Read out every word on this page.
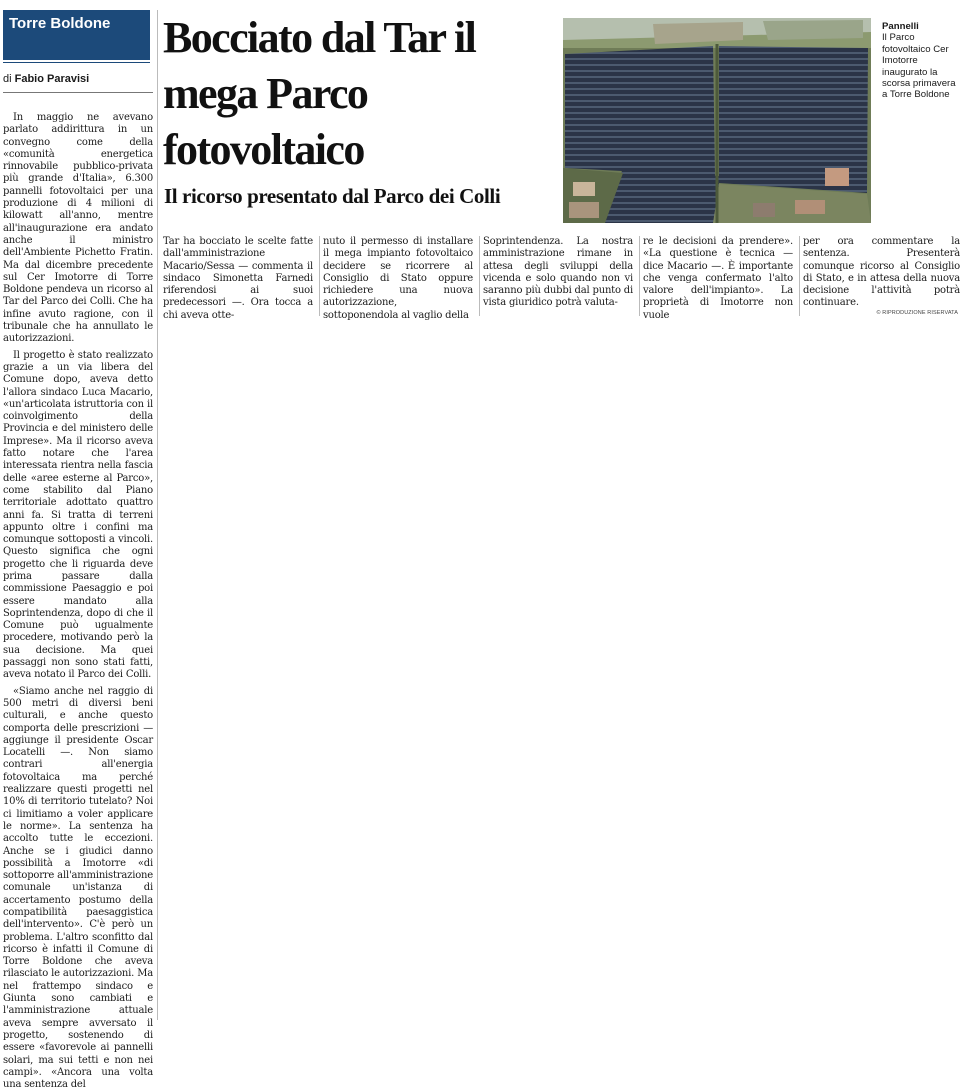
Torre Boldone
di Fabio Paravisi

In maggio ne avevano parlato addirittura in un convegno come della «comunità energetica rinnovabile pubblico-privata più grande d'Italia», 6.300 pannelli fotovoltaici per una produzione di 4 milioni di kilowatt all'anno, mentre all'inaugurazione era andato anche il ministro dell'Ambiente Pichetto Fratin. Ma dal dicembre precedente sul Cer Imotorre di Torre Boldone pendeva un ricorso al Tar del Parco dei Colli. Che ha infine avuto ragione, con il tribunale che ha annullato le autorizzazioni.

Il progetto è stato realizzato grazie a un via libera del Comune dopo, aveva detto l'allora sindaco Luca Macario, «un'articolata istruttoria con il coinvolgimento della Provincia e del ministero delle Imprese». Ma il ricorso aveva fatto notare che l'area interessata rientra nella fascia delle «aree esterne al Parco», come stabilito dal Piano territoriale adottato quattro anni fa. Si tratta di terreni appunto oltre i confini ma comunque sottoposti a vincoli. Questo significa che ogni progetto che li riguarda deve prima passare dalla commissione Paesaggio e poi essere mandato alla Soprintendenza, dopo di che il Comune può ugualmente procedere, motivando però la sua decisione. Ma quei passaggi non sono stati fatti, aveva notato il Parco dei Colli.

«Siamo anche nel raggio di 500 metri di diversi beni culturali, e anche questo comporta delle prescrizioni — aggiunge il presidente Oscar Locatelli —. Non siamo contrari all'energia fotovoltaica ma perché realizzare questi progetti nel 10% di territorio tutelato? Noi ci limitiamo a voler applicare le norme». La sentenza ha accolto tutte le eccezioni. Anche se i giudici danno possibilità a Imotorre «di sottoporre all'amministrazione comunale un'istanza di accertamento postumo della compatibilità paesaggistica dell'intervento». C'è però un problema. L'altro sconfitto dal ricorso è infatti il Comune di Torre Boldone che aveva rilasciato le autorizzazioni. Ma nel frattempo sindaco e Giunta sono cambiati e l'amministrazione attuale aveva sempre avversato il progetto, sostenendo di essere «favorevole ai pannelli solari, ma sui tetti e non nei campi». «Ancora una volta una sentenza del

Bocciato dal Tar il mega Parco fotovoltaico
Il ricorso presentato dal Parco dei Colli
Pannelli
Il Parco fotovoltaico Cer Imotorre inaugurato la scorsa primavera a Torre Boldone

Tar ha bocciato le scelte fatte dall'amministrazione Macario/Sessa — commenta il sindaco Simonetta Farnedi riferendosi ai suoi predecessori —. Ora tocca a chi aveva otte-

nuto il permesso di installare il mega impianto fotovoltaico decidere se ricorrere al Consiglio di Stato oppure richiedere una nuova autorizzazione, sottoponendola al vaglio della

Soprintendenza. La nostra amministrazione rimane in attesa degli sviluppi della vicenda e solo quando non vi saranno più dubbi dal punto di vista giuridico potrà valuta-

re le decisioni da prendere». «La questione è tecnica — dice Macario —. È importante che venga confermato l'alto valore dell'impianto». La proprietà di Imotorre non vuole

per ora commentare la sentenza. Presenterà comunque ricorso al Consiglio di Stato, e in attesa della nuova decisione l'attività potrà continuare.

© RIPRODUZIONE RISERVATA
